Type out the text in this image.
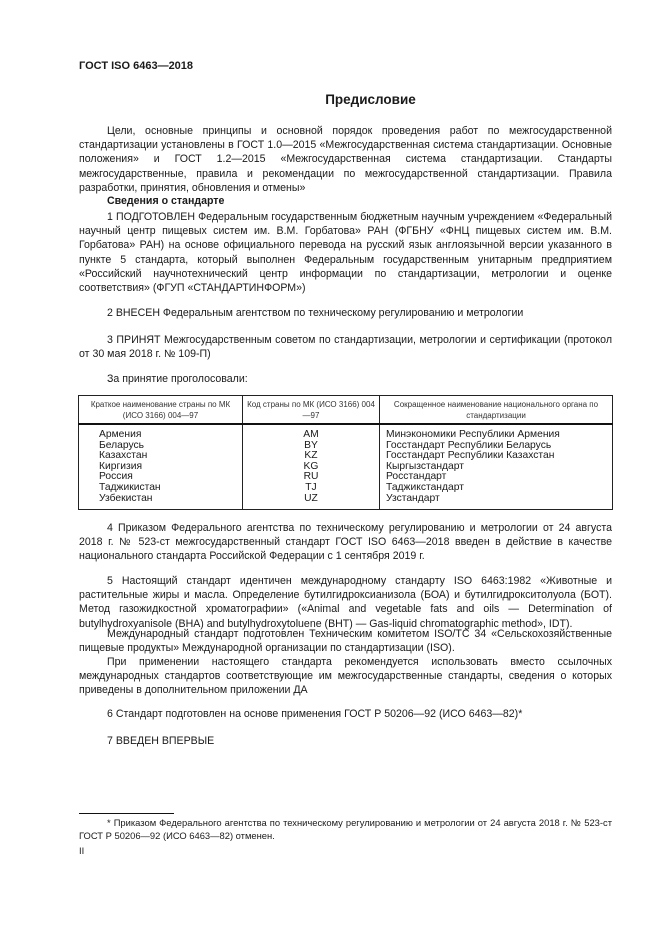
ГОСТ ISO 6463—2018
Предисловие
Цели, основные принципы и основной порядок проведения работ по межгосударственной стандартизации установлены в ГОСТ 1.0—2015 «Межгосударственная система стандартизации. Основные положения» и ГОСТ 1.2—2015 «Межгосударственная система стандартизации. Стандарты межгосударственные, правила и рекомендации по межгосударственной стандартизации. Правила разработки, принятия, обновления и отмены»
Сведения о стандарте
1 ПОДГОТОВЛЕН Федеральным государственным бюджетным научным учреждением «Федеральный научный центр пищевых систем им. В.М. Горбатова» РАН (ФГБНУ «ФНЦ пищевых систем им. В.М. Горбатова» РАН) на основе официального перевода на русский язык англоязычной версии указанного в пункте 5 стандарта, который выполнен Федеральным государственным унитарным предприятием «Российский научнотехнический центр информации по стандартизации, метрологии и оценке соответствия» (ФГУП «СТАНДАРТИНФОРМ»)
2 ВНЕСЕН Федеральным агентством по техническому регулированию и метрологии
3 ПРИНЯТ Межгосударственным советом по стандартизации, метрологии и сертификации (протокол от 30 мая 2018 г. № 109-П)
За принятие проголосовали:
Краткое наименование страны по МК (ИСО 3166) 004—97	Код страны по МК (ИСО 3166) 004—97	Сокращенное наименование национального органа по стандартизации
Армения	AM	Минэкономики Республики Армения
Беларусь	BY	Госстандарт Республики Беларусь
Казахстан	KZ	Госстандарт Республики Казахстан
Киргизия	KG	Кыргызстандарт
Россия	RU	Росстандарт
Таджикистан	TJ	Таджикстандарт
Узбекистан	UZ	Узстандарт
4 Приказом Федерального агентства по техническому регулированию и метрологии от 24 августа 2018 г. № 523-ст межгосударственный стандарт ГОСТ ISO 6463—2018 введен в действие в качестве национального стандарта Российской Федерации с 1 сентября 2019 г.
5 Настоящий стандарт идентичен международному стандарту ISO 6463:1982 «Животные и растительные жиры и масла. Определение бутилгидроксианизола (БОА) и бутилгидрокситолуола (БОТ). Метод газожидкостной хроматографии» («Animal and vegetable fats and oils — Determination of butylhydroxyanisole (BHA) and butylhydroxytoluene (BHT) — Gas-liquid chromatographic method», IDT).
Международный стандарт подготовлен Техническим комитетом ISO/TC 34 «Сельскохозяйственные пищевые продукты» Международной организации по стандартизации (ISO).
При применении настоящего стандарта рекомендуется использовать вместо ссылочных международных стандартов соответствующие им межгосударственные стандарты, сведения о которых приведены в дополнительном приложении ДА
6 Стандарт подготовлен на основе применения ГОСТ Р 50206—92 (ИСО 6463—82)*
7 ВВЕДЕН ВПЕРВЫЕ
* Приказом Федерального агентства по техническому регулированию и метрологии от 24 августа 2018 г. № 523-ст ГОСТ Р 50206—92 (ИСО 6463—82) отменен.
II
